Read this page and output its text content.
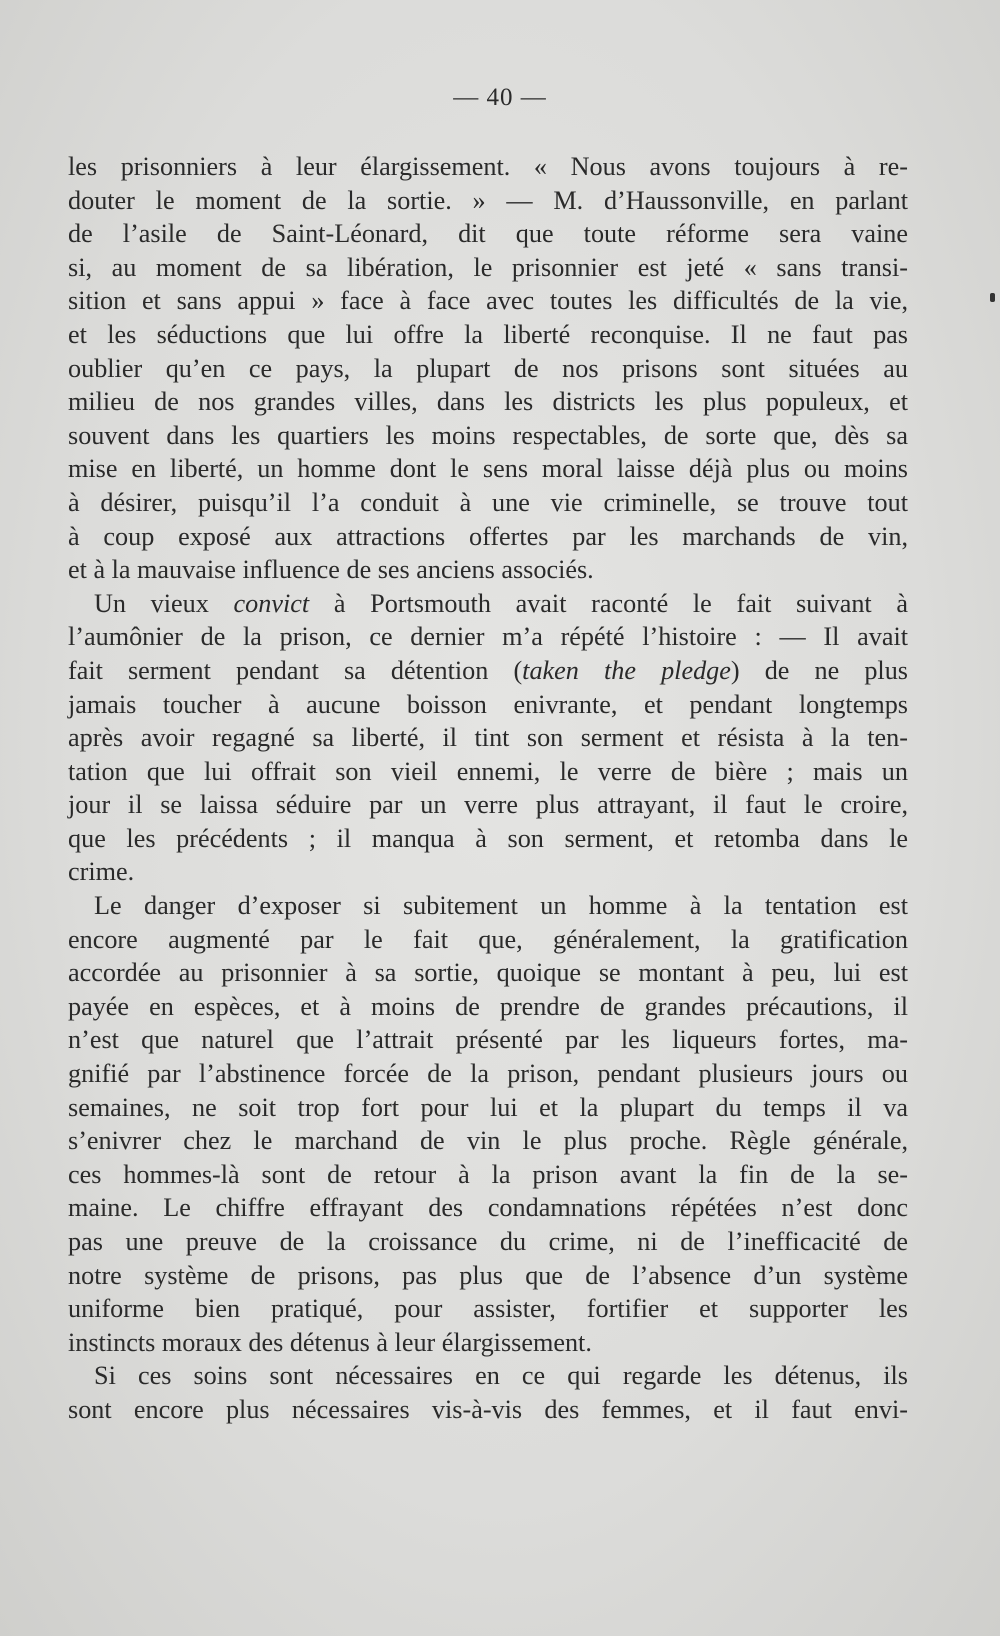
— 40 —
les prisonniers à leur élargissement. « Nous avons toujours à re-
douter le moment de la sortie. » — M. d’Haussonville, en parlant
de l’asile de Saint-Léonard, dit que toute réforme sera vaine
si, au moment de sa libération, le prisonnier est jeté « sans transi-
sition et sans appui » face à face avec toutes les difficultés de la vie,
et les séductions que lui offre la liberté reconquise. Il ne faut pas
oublier qu’en ce pays, la plupart de nos prisons sont situées au
milieu de nos grandes villes, dans les districts les plus populeux, et
souvent dans les quartiers les moins respectables, de sorte que, dès sa
mise en liberté, un homme dont le sens moral laisse déjà plus ou moins
à désirer, puisqu’il l’a conduit à une vie criminelle, se trouve tout
à coup exposé aux attractions offertes par les marchands de vin,
et à la mauvaise influence de ses anciens associés.
Un vieux convict à Portsmouth avait raconté le fait suivant à
l’aumônier de la prison, ce dernier m’a répété l’histoire : — Il avait
fait serment pendant sa détention (taken the pledge) de ne plus
jamais toucher à aucune boisson enivrante, et pendant longtemps
après avoir regagné sa liberté, il tint son serment et résista à la ten-
tation que lui offrait son vieil ennemi, le verre de bière ; mais un
jour il se laissa séduire par un verre plus attrayant, il faut le croire,
que les précédents ; il manqua à son serment, et retomba dans le
crime.
Le danger d’exposer si subitement un homme à la tentation est
encore augmenté par le fait que, généralement, la gratification
accordée au prisonnier à sa sortie, quoique se montant à peu, lui est
payée en espèces, et à moins de prendre de grandes précautions, il
n’est que naturel que l’attrait présenté par les liqueurs fortes, ma-
gnifié par l’abstinence forcée de la prison, pendant plusieurs jours ou
semaines, ne soit trop fort pour lui et la plupart du temps il va
s’enivrer chez le marchand de vin le plus proche. Règle générale,
ces hommes-là sont de retour à la prison avant la fin de la se-
maine. Le chiffre effrayant des condamnations répétées n’est donc
pas une preuve de la croissance du crime, ni de l’inefficacité de
notre système de prisons, pas plus que de l’absence d’un système
uniforme bien pratiqué, pour assister, fortifier et supporter les
instincts moraux des détenus à leur élargissement.
Si ces soins sont nécessaires en ce qui regarde les détenus, ils
sont encore plus nécessaires vis-à-vis des femmes, et il faut envi-
